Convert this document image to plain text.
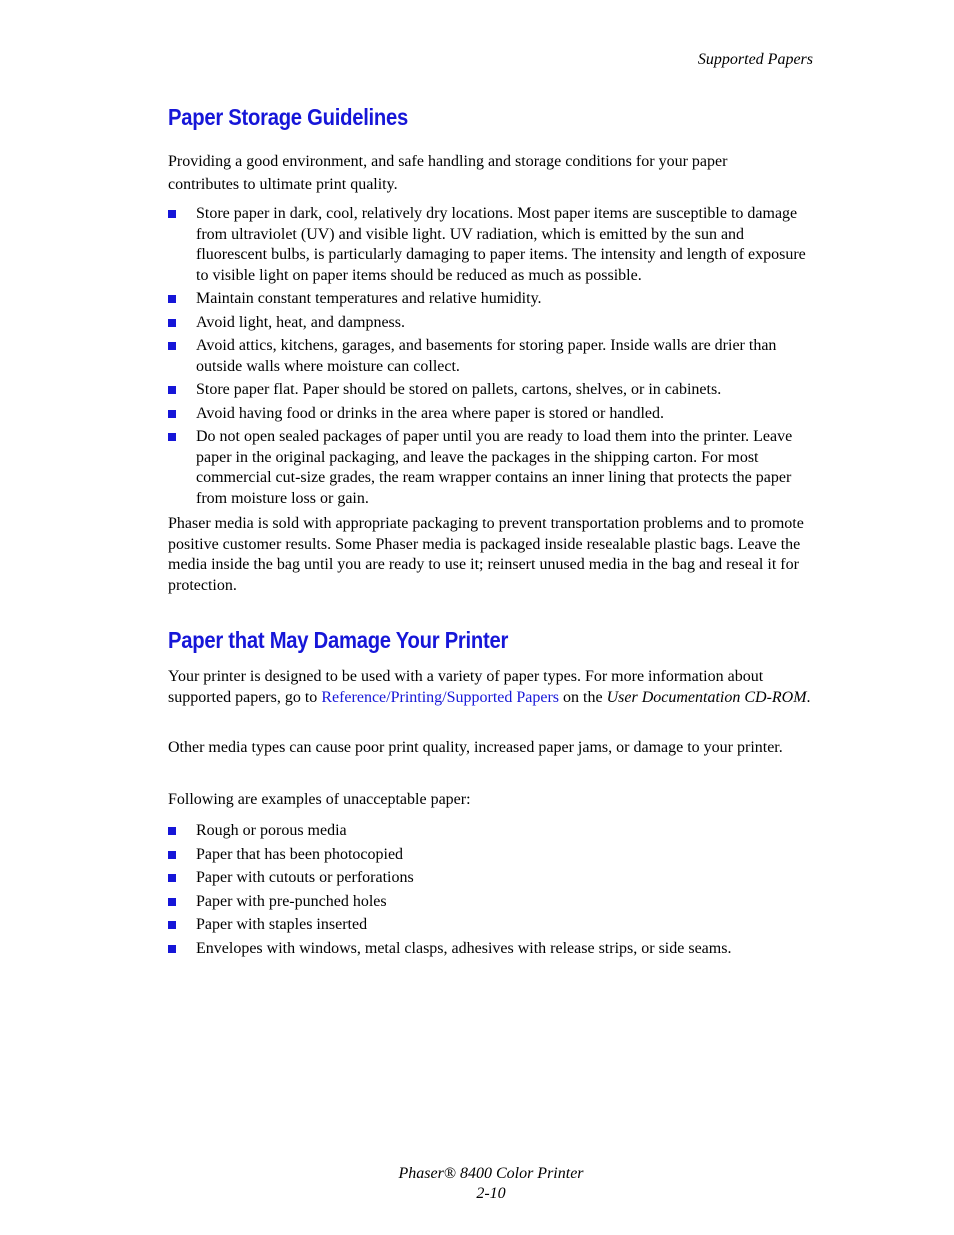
Supported Papers
Paper Storage Guidelines

Providing a good environment, and safe handling and storage conditions for your paper

contributes to ultimate print quality.

Store paper in dark, cool, relatively dry locations. Most paper items are susceptible to damage from ultraviolet (UV) and visible light. UV radiation, which is emitted by the sun and fluorescent bulbs, is particularly damaging to paper items. The intensity and length of exposure to visible light on paper items should be reduced as much as possible.
Maintain constant temperatures and relative humidity.
Avoid light, heat, and dampness.
Avoid attics, kitchens, garages, and basements for storing paper. Inside walls are drier than outside walls where moisture can collect.
Store paper flat. Paper should be stored on pallets, cartons, shelves, or in cabinets.
Avoid having food or drinks in the area where paper is stored or handled.
Do not open sealed packages of paper until you are ready to load them into the printer. Leave paper in the original packaging, and leave the packages in the shipping carton. For most commercial cut-size grades, the ream wrapper contains an inner lining that protects the paper from moisture loss or gain.

Phaser media is sold with appropriate packaging to prevent transportation problems and to promote positive customer results. Some Phaser media is packaged inside resealable plastic bags. Leave the media inside the bag until you are ready to use it; reinsert unused media in the bag and reseal it for protection.

Paper that May Damage Your Printer

Your printer is designed to be used with a variety of paper types. For more information about supported papers, go to Reference/Printing/Supported Papers on the User Documentation CD-ROM.

Other media types can cause poor print quality, increased paper jams, or damage to your printer.

Following are examples of unacceptable paper:

Rough or porous media
Paper that has been photocopied
Paper with cutouts or perforations
Paper with pre-punched holes
Paper with staples inserted
Envelopes with windows, metal clasps, adhesives with release strips, or side seams.
Phaser® 8400 Color Printer
2-10
